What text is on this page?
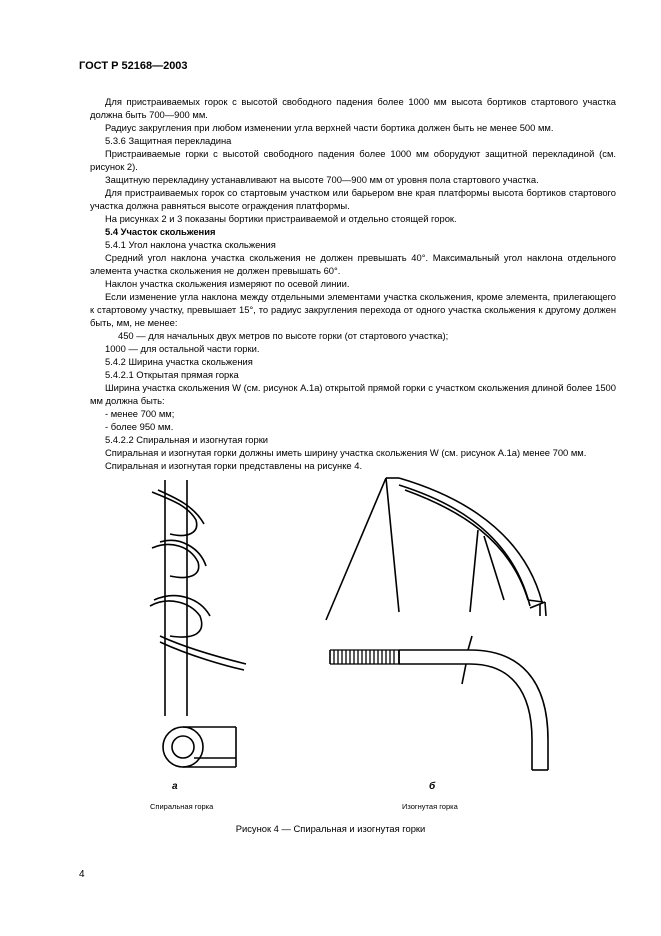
ГОСТ Р 52168—2003

Для пристраиваемых горок с высотой свободного падения более 1000 мм высота бортиков стартового участка должна быть 700—900 мм.

Радиус закругления при любом изменении угла верхней части бортика должен быть не менее 500 мм.

5.3.6 Защитная перекладина

Пристраиваемые горки с высотой свободного падения более 1000 мм оборудуют защитной перекладиной (см. рисунок 2).

Защитную перекладину устанавливают на высоте 700—900 мм от уровня пола стартового участка.

Для пристраиваемых горок со стартовым участком или барьером вне края платформы высота бортиков стартового участка должна равняться высоте ограждения платформы.

На рисунках 2 и 3 показаны бортики пристраиваемой и отдельно стоящей горок.

5.4 Участок скольжения

5.4.1 Угол наклона участка скольжения

Средний угол наклона участка скольжения не должен превышать 40°. Максимальный угол наклона отдельного элемента участка скольжения не должен превышать 60°.

Наклон участка скольжения измеряют по осевой линии.

Если изменение угла наклона между отдельными элементами участка скольжения, кроме элемента, прилегающего к стартовому участку, превышает 15°, то радиус закругления перехода от одного участка скольжения к другому должен быть, мм, не менее:

450 — для начальных двух метров по высоте горки (от стартового участка);

1000 — для остальной части горки.

5.4.2 Ширина участка скольжения

5.4.2.1 Открытая прямая горка

Ширина участка скольжения W (см. рисунок А.1а) открытой прямой горки с участком скольжения длиной более 1500 мм должна быть:

- менее 700 мм;

- более 950 мм.

5.4.2.2 Спиральная и изогнутая горки

Спиральная и изогнутая горки должны иметь ширину участка скольжения W (см. рисунок А.1а) менее 700 мм.

Спиральная и изогнутая горки представлены на рисунке 4.

а	б
Спиральная горка	Изогнутая горка
Рисунок 4 — Спиральная и изогнутая горки
4
